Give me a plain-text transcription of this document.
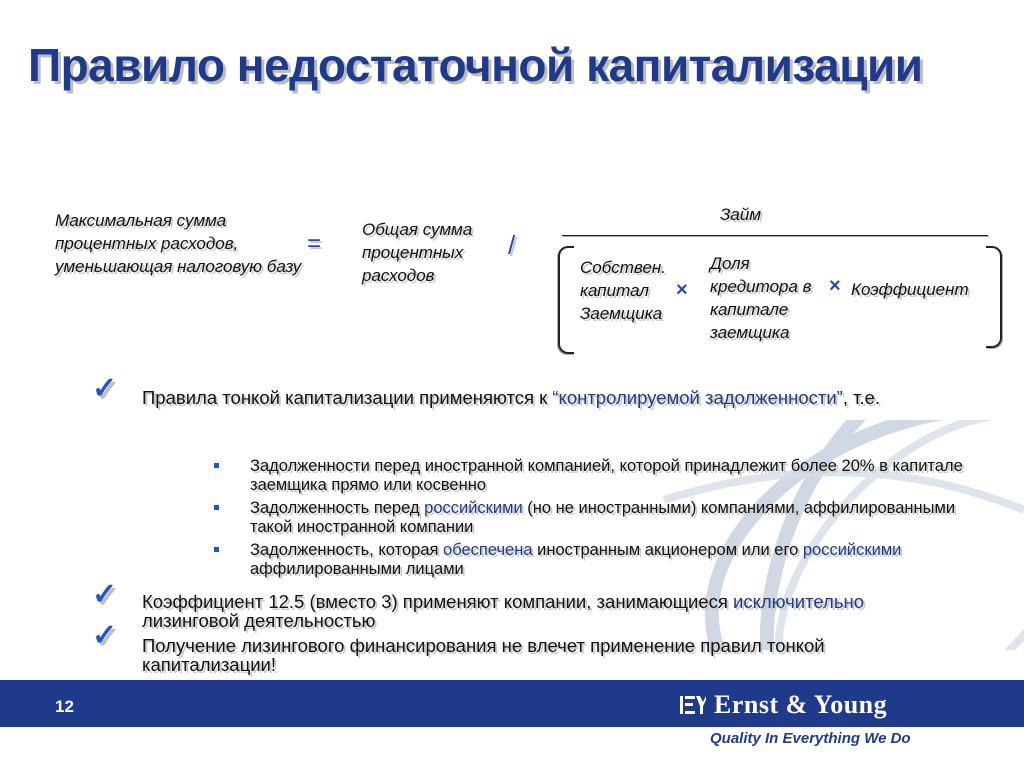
Правило недостаточной капитализации
Максимальная сумма процентных расходов, уменьшающая налоговую базу
=
Общая сумма процентных расходов
/
Займ
Собствен. капитал Заемщика
×
Доля кредитора в капитале заемщика
× Коэффициент
✓ Правила тонкой капитализации применяются к “контролируемой задолженности”, т.е.
Задолженности перед иностранной компанией, которой принадлежит более 20% в капитале заемщика прямо или косвенно
Задолженность перед российскими (но не иностранными) компаниями, аффилированными такой иностранной компании
Задолженность, которая обеспечена иностранным акционером или его российскими аффилированными лицами
✓ Коэффициент 12.5 (вместо 3) применяют компании, занимающиеся исключительно лизинговой деятельностью
✓ Получение лизингового финансирования не влечет применение правил тонкой капитализации!
12	Ernst & Young
Quality In Everything We Do
